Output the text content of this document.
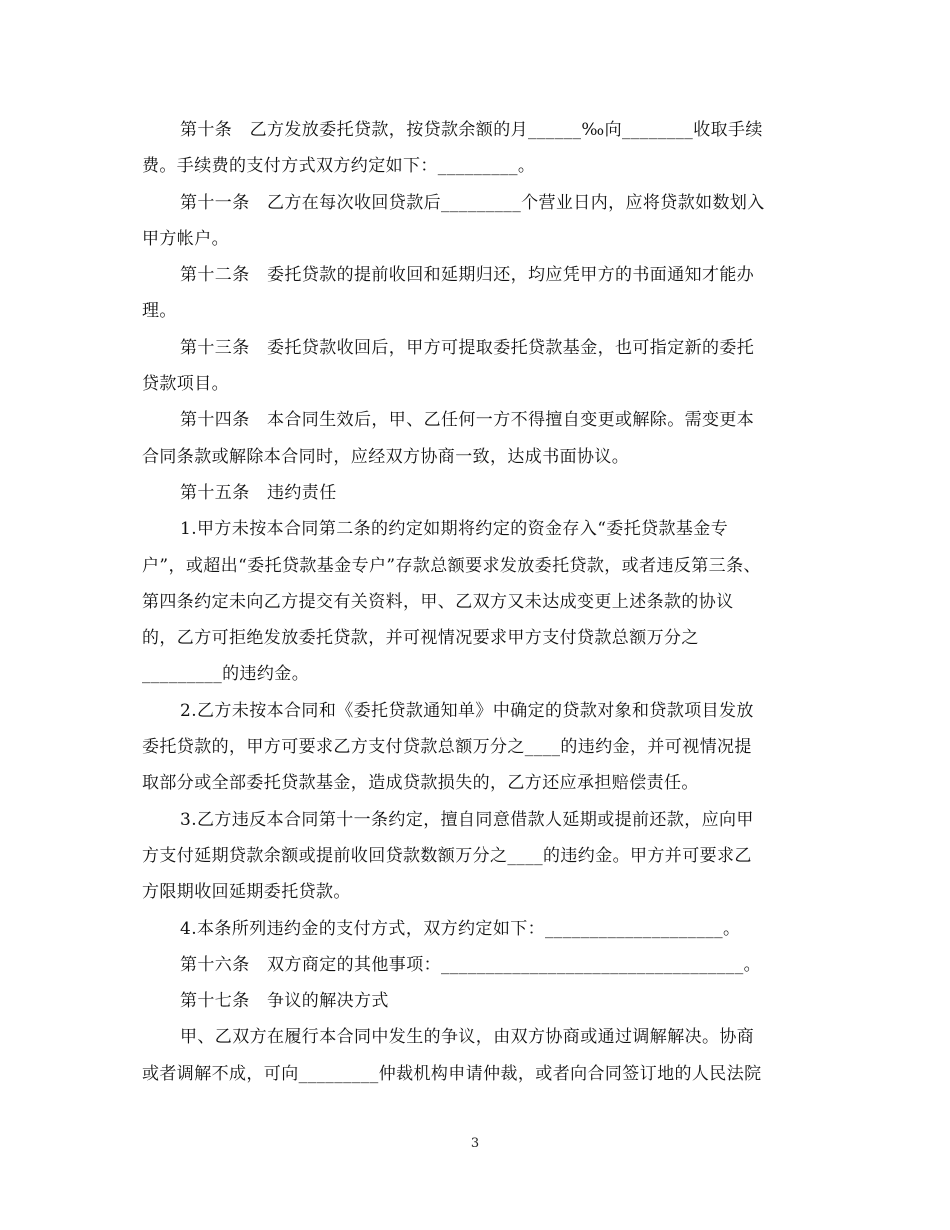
第十条　乙方发放委托贷款，按贷款余额的月______‰向________收取手续
费。手续费的支付方式双方约定如下：_________。

第十一条　乙方在每次收回贷款后_________个营业日内，应将贷款如数划入
甲方帐户。

第十二条　委托贷款的提前收回和延期归还，均应凭甲方的书面通知才能办
理。

第十三条　委托贷款收回后，甲方可提取委托贷款基金，也可指定新的委托
贷款项目。

第十四条　本合同生效后，甲、乙任何一方不得擅自变更或解除。需变更本
合同条款或解除本合同时，应经双方协商一致，达成书面协议。

第十五条　违约责任

1.甲方未按本合同第二条的约定如期将约定的资金存入“委托贷款基金专
户”，或超出“委托贷款基金专户”存款总额要求发放委托贷款，或者违反第三条、
第四条约定未向乙方提交有关资料，甲、乙双方又未达成变更上述条款的协议
的，乙方可拒绝发放委托贷款，并可视情况要求甲方支付贷款总额万分之
_________的违约金。

2.乙方未按本合同和《委托贷款通知单》中确定的贷款对象和贷款项目发放
委托贷款的，甲方可要求乙方支付贷款总额万分之____的违约金，并可视情况提
取部分或全部委托贷款基金，造成贷款损失的，乙方还应承担赔偿责任。

3.乙方违反本合同第十一条约定，擅自同意借款人延期或提前还款，应向甲
方支付延期贷款余额或提前收回贷款数额万分之____的违约金。甲方并可要求乙
方限期收回延期委托贷款。

4.本条所列违约金的支付方式，双方约定如下：____________________。

第十六条　双方商定的其他事项：__________________________________。

第十七条　争议的解决方式

甲、乙双方在履行本合同中发生的争议，由双方协商或通过调解解决。协商
或者调解不成，可向_________仲裁机构申请仲裁，或者向合同签订地的人民法院

3
